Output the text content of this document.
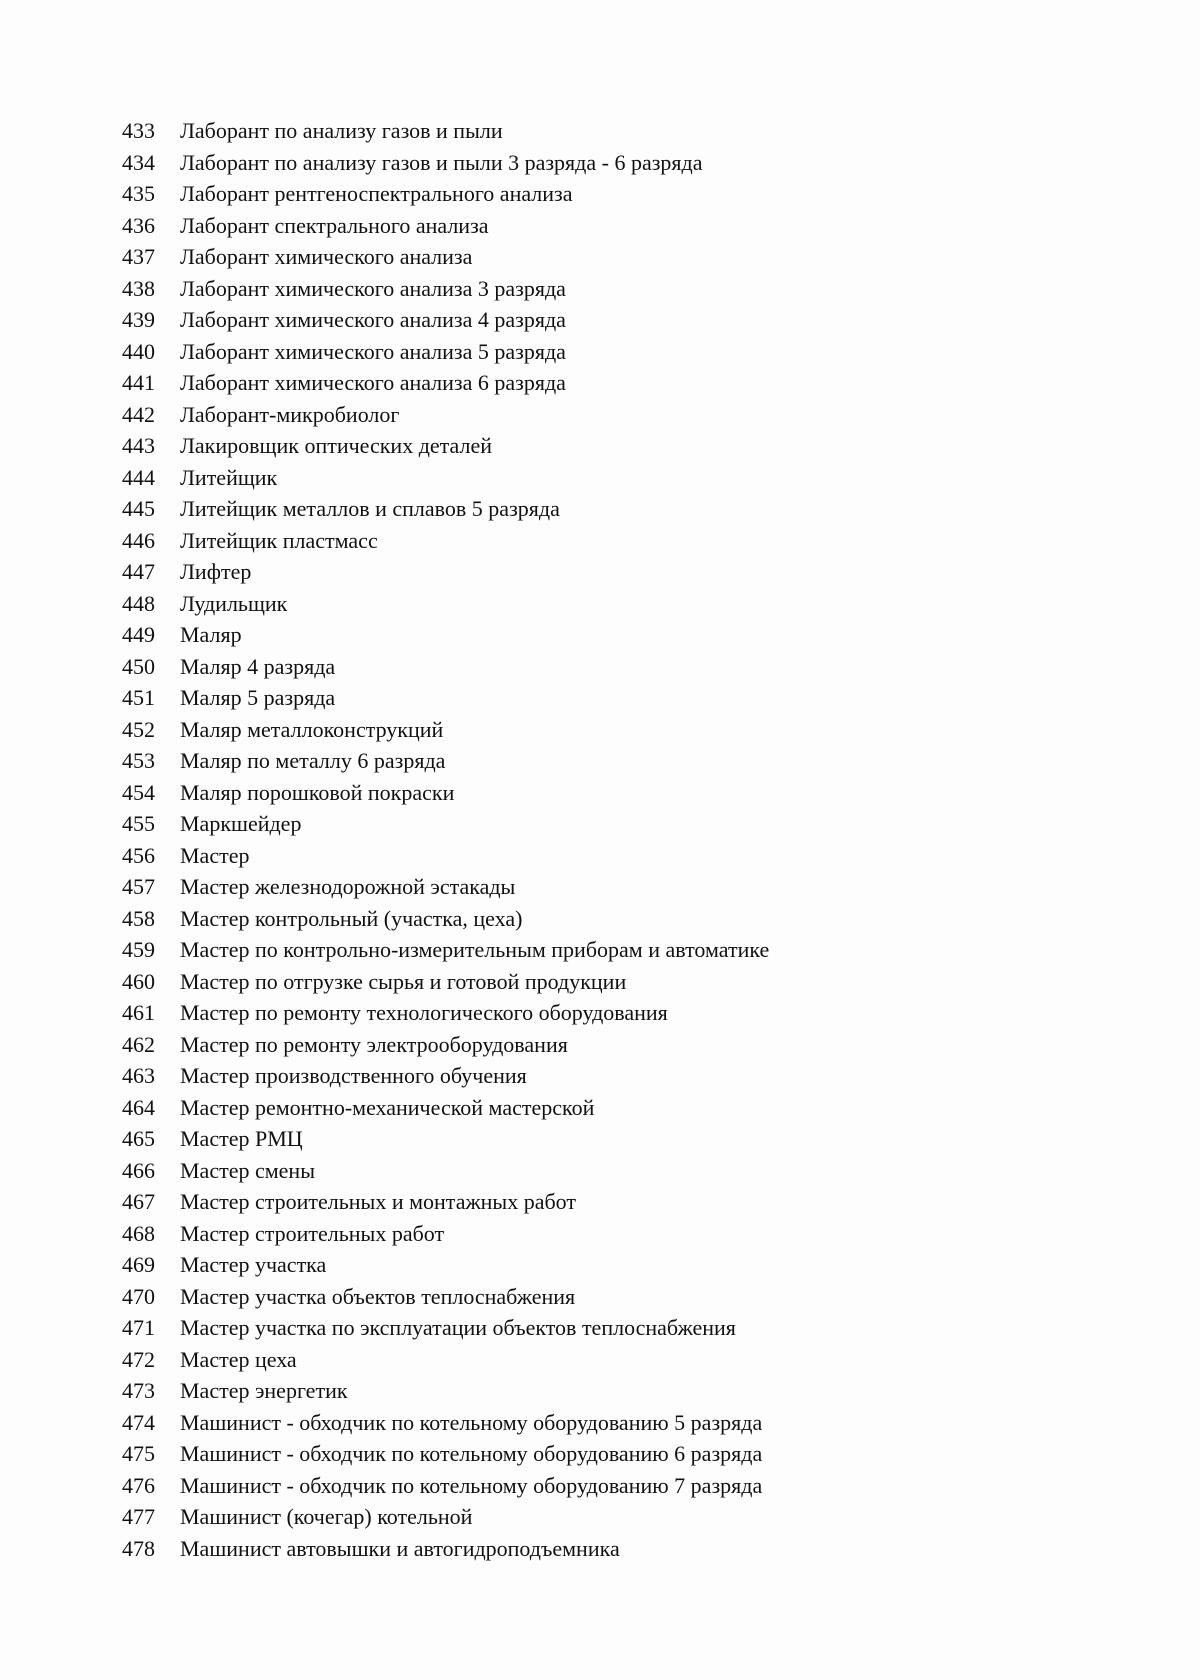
433	Лаборант по анализу газов и пыли
434	Лаборант по анализу газов и пыли 3 разряда - 6 разряда
435	Лаборант рентгеноспектрального анализа
436	Лаборант спектрального анализа
437	Лаборант химического анализа
438	Лаборант химического анализа 3 разряда
439	Лаборант химического анализа 4 разряда
440	Лаборант химического анализа 5 разряда
441	Лаборант химического анализа 6 разряда
442	Лаборант-микробиолог
443	Лакировщик оптических деталей
444	Литейщик
445	Литейщик металлов и сплавов 5 разряда
446	Литейщик пластмасс
447	Лифтер
448	Лудильщик
449	Маляр
450	Маляр 4 разряда
451	Маляр 5 разряда
452	Маляр металлоконструкций
453	Маляр по металлу 6 разряда
454	Маляр порошковой покраски
455	Маркшейдер
456	Мастер
457	Мастер железнодорожной эстакады
458	Мастер контрольный (участка, цеха)
459	Мастер по контрольно-измерительным приборам и автоматике
460	Мастер по отгрузке сырья и готовой продукции
461	Мастер по ремонту технологического оборудования
462	Мастер по ремонту электрооборудования
463	Мастер производственного обучения
464	Мастер ремонтно-механической мастерской
465	Мастер РМЦ
466	Мастер смены
467	Мастер строительных и монтажных работ
468	Мастер строительных работ
469	Мастер участка
470	Мастер участка объектов теплоснабжения
471	Мастер участка по эксплуатации объектов теплоснабжения
472	Мастер цеха
473	Мастер энергетик
474	Машинист - обходчик по котельному оборудованию 5 разряда
475	Машинист - обходчик по котельному оборудованию 6 разряда
476	Машинист - обходчик по котельному оборудованию 7 разряда
477	Машинист (кочегар) котельной
478	Машинист автовышки и автогидроподъемника
